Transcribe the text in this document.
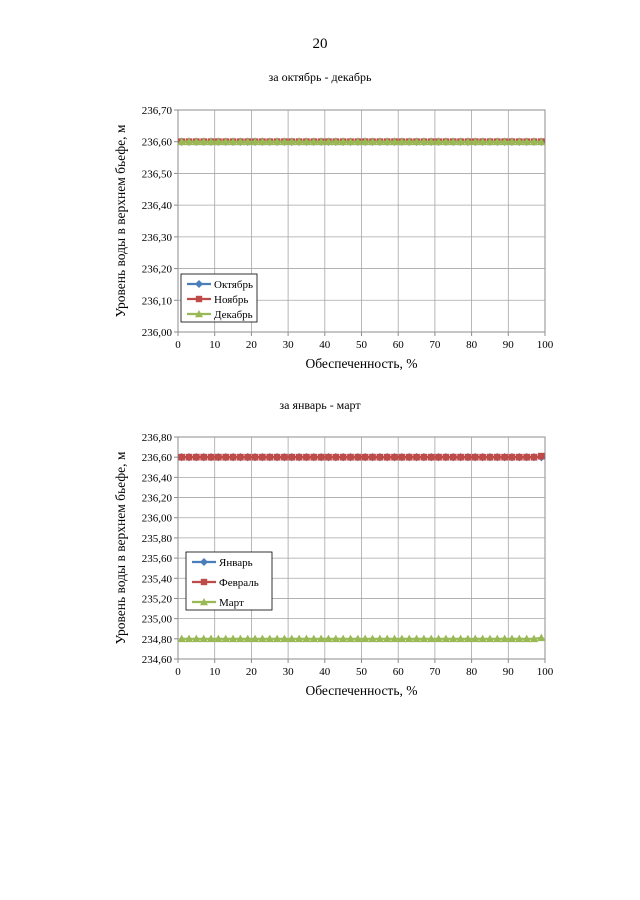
20
за октябрь - декабрь
за январь - март
0	10 20 30 40 50 60 70 80 90 100
236,00
236,10
236,20
236,30
236,40
236,50
236,60
236,70
Обеспеченность, %
Уровень воды в верхнем бьефе, м	Октябрь
Ноябрь
Декабрь
0	10 20 30 40 50 60 70 80 90 100
234,60
234,80
235,00
235,20
235,40
235,60
235,80
236,00
236,20
236,40
236,60
236,80
Обеспеченность, %
Уровень воды в верхнем бьефе, м	Январь
Февраль
Март
